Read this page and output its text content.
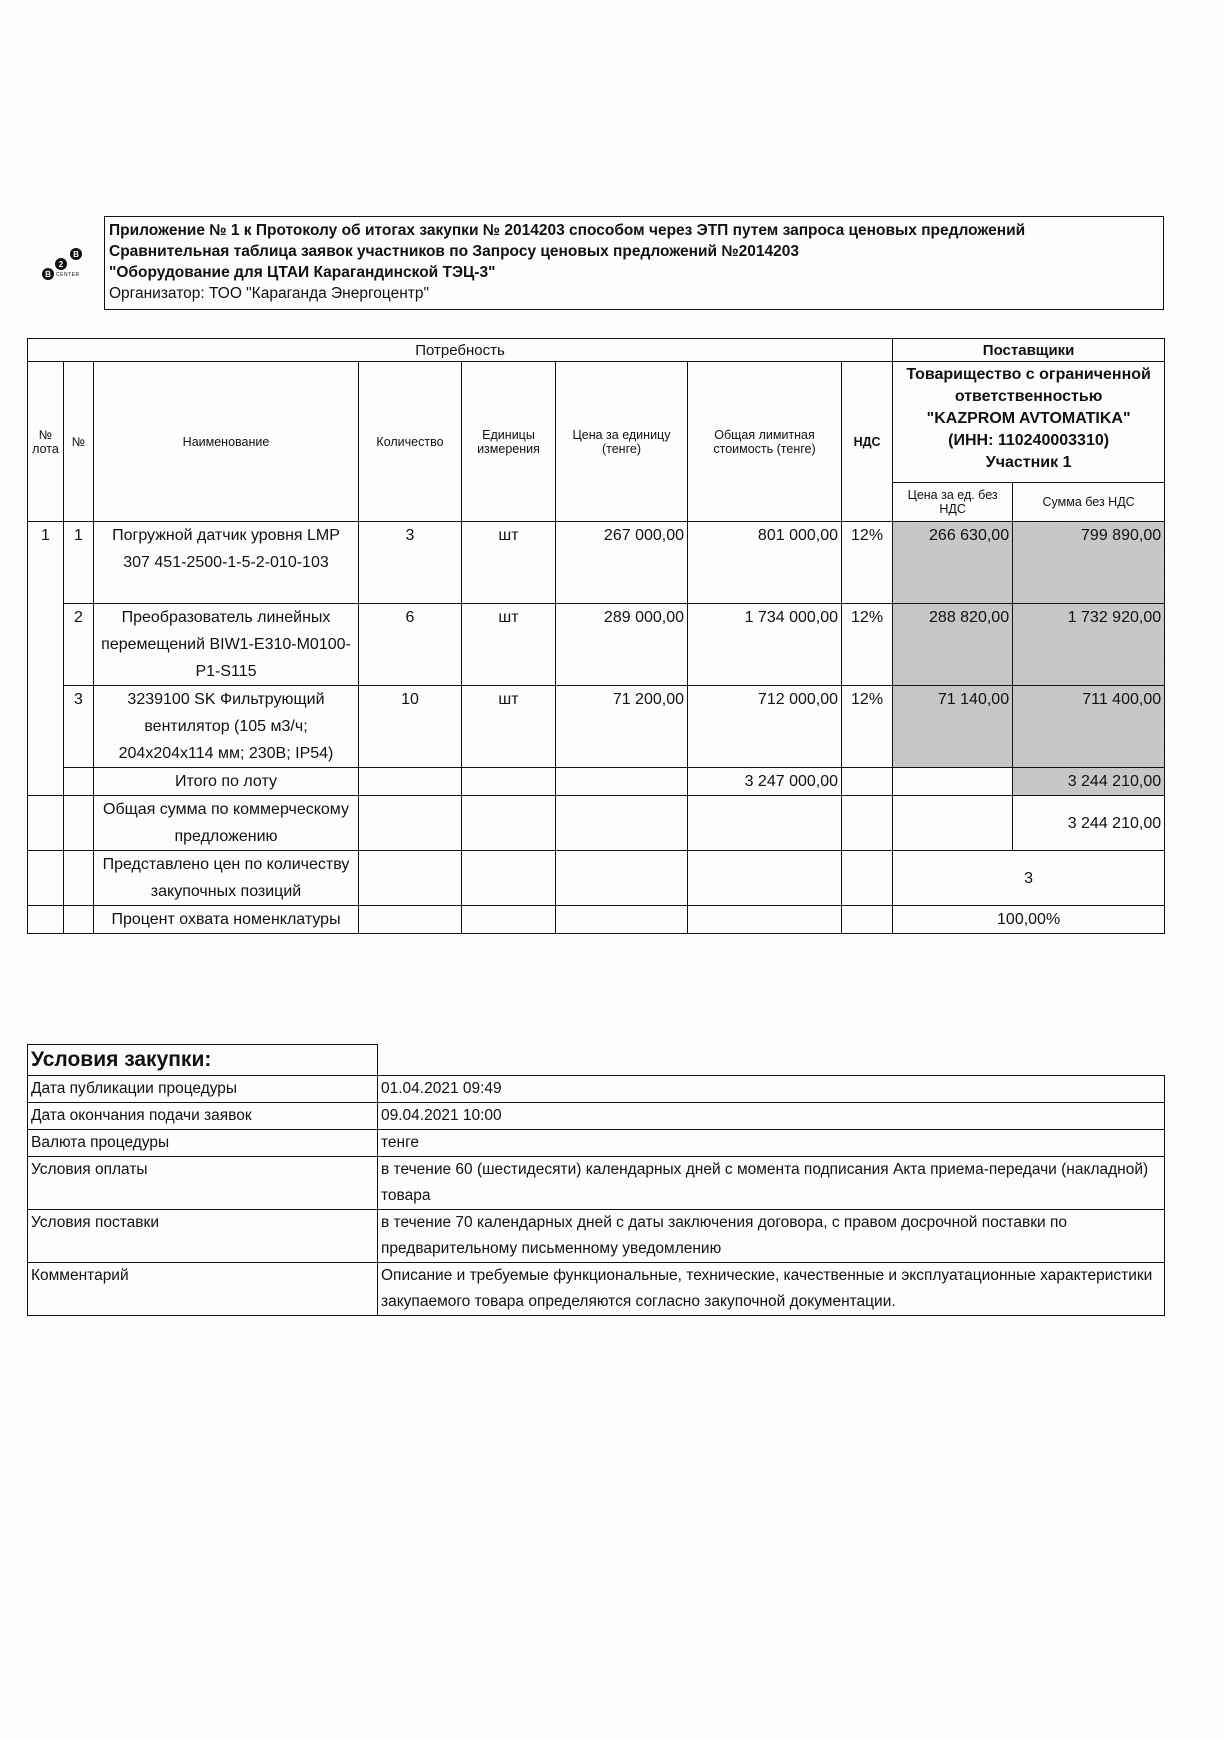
B
2
B
CENTER
Приложение № 1 к Протоколу об итогах закупки № 2014203 способом через ЭТП путем запроса ценовых предложений
Сравнительная таблица заявок участников по Запросу ценовых предложений №2014203
"Оборудование для ЦТАИ Карагандинской ТЭЦ-3"
Организатор: ТОО "Караганда Энергоцентр"
Потребность								Поставщики	
№ лота	№	Наименование	Количество	Единицы измерения	Цена за единицу (тенге)	Общая лимитная стоимость (тенге)	НДС	Товарищество с ограниченной ответственностью
"KAZPROM AVTOMATIKA"
(ИНН: 110240003310)
Участник 1	

								Цена за ед. без НДС	Сумма без НДС
1	1	Погружной датчик уровня LMP 307 451-2500-1-5-2-010-103	3	шт	267 000,00	801 000,00	12%	266 630,00	799 890,00
	2	Преобразователь линейных перемещений BIW1-E310-M0100-P1-S115	6	шт	289 000,00	1 734 000,00	12%	288 820,00	1 732 920,00
	3	3239100 SK Фильтрующий вентилятор (105 м3/ч; 204x204x114 мм; 230В; IP54)	10	шт	71 200,00	712 000,00	12%	71 140,00	711 400,00
		Итого по лоту				3 247 000,00			3 244 210,00
		Общая сумма по коммерческому предложению							3 244 210,00
		Представлено цен по количеству закупочных позиций						3	
		Процент охвата номенклатуры						100,00%	
Условия закупки:	
Дата публикации процедуры	01.04.2021 09:49
Дата окончания подачи заявок	09.04.2021 10:00
Валюта процедуры	тенге
Условия оплаты	в течение 60 (шестидесяти) календарных дней с момента подписания Акта приема-передачи (накладной) товара
Условия поставки	в течение 70 календарных дней с даты заключения договора, с правом досрочной поставки по предварительному письменному уведомлению
Комментарий	Описание и требуемые функциональные, технические, качественные и эксплуатационные характеристики закупаемого товара определяются согласно закупочной документации.
